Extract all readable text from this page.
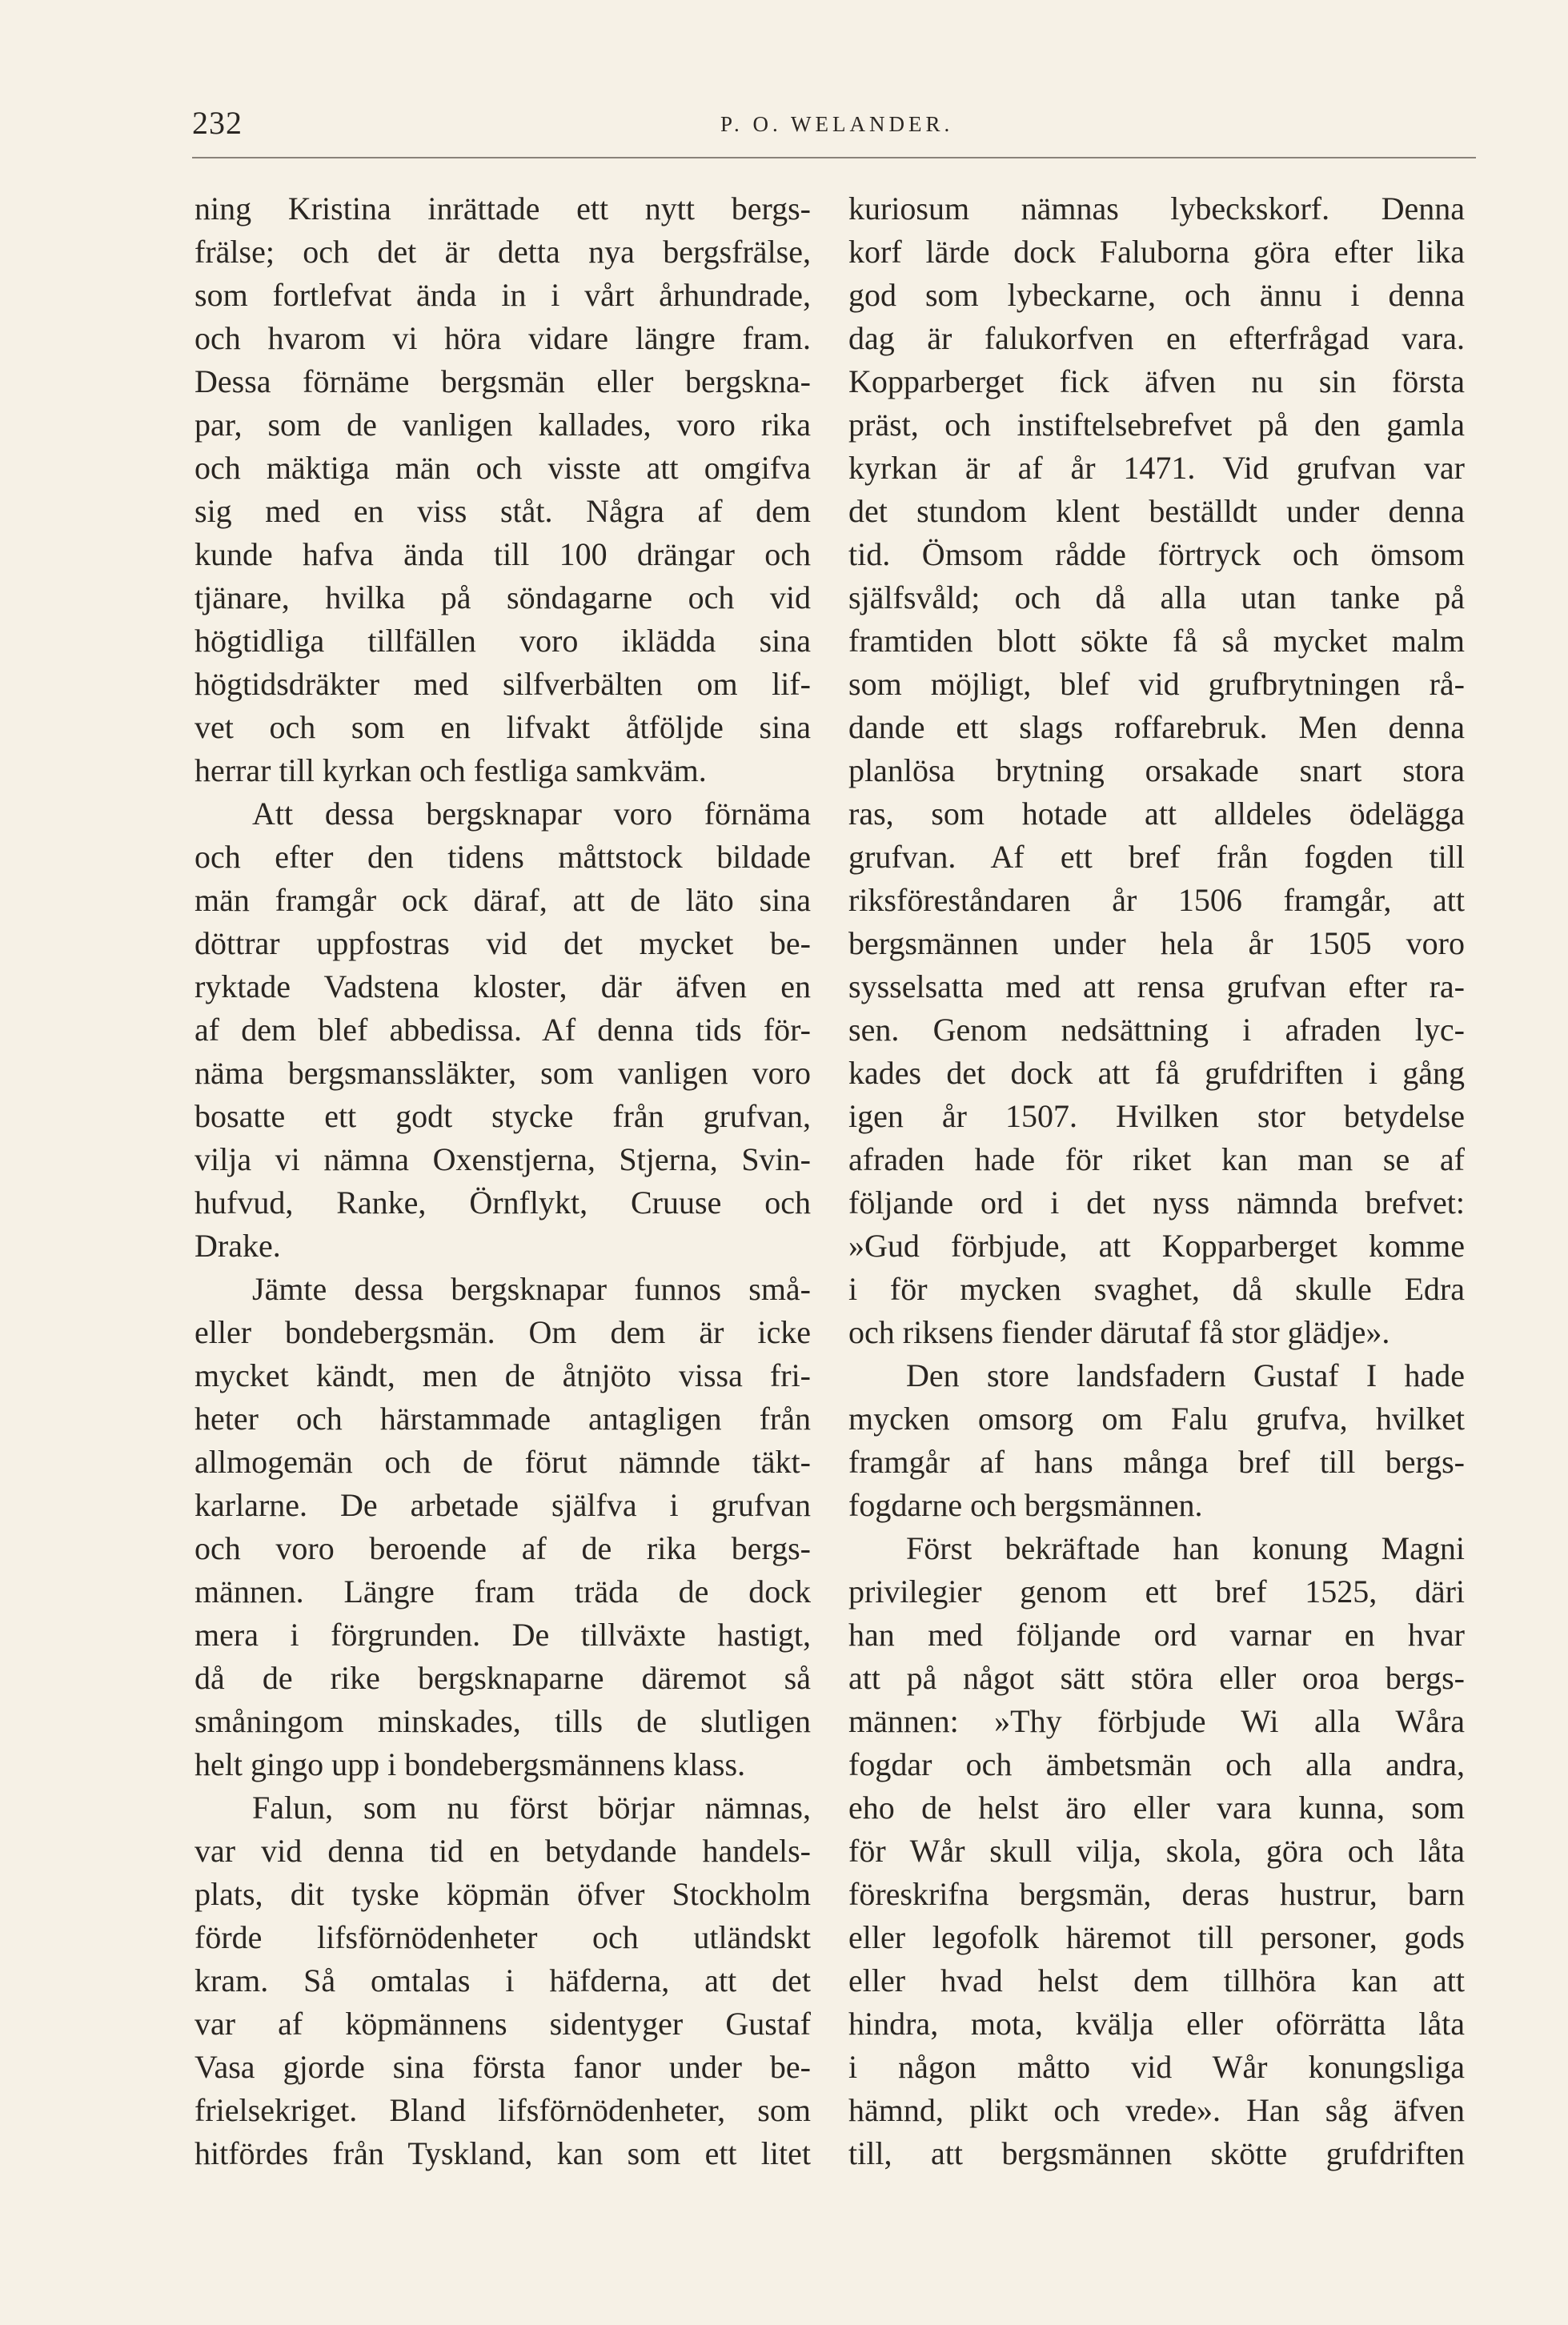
232	P. O. WELANDER.
ning Kristina inrättade ett nytt bergs-
frälse; och det är detta nya bergsfrälse,
som fortlefvat ända in i vårt århundrade,
och hvarom vi höra vidare längre fram.
Dessa förnäme bergsmän eller bergskna-
par, som de vanligen kallades, voro rika
och mäktiga män och visste att omgifva
sig med en viss ståt. Några af dem
kunde hafva ända till 100 drängar och
tjänare, hvilka på söndagarne och vid
högtidliga tillfällen voro iklädda sina
högtidsdräkter med silfverbälten om lif-
vet och som en lifvakt åtföljde sina
herrar till kyrkan och festliga samkväm.
Att dessa bergsknapar voro förnäma
och efter den tidens måttstock bildade
män framgår ock däraf, att de läto sina
döttrar uppfostras vid det mycket be-
ryktade Vadstena kloster, där äfven en
af dem blef abbedissa. Af denna tids för-
näma bergsmanssläkter, som vanligen voro
bosatte ett godt stycke från grufvan,
vilja vi nämna Oxenstjerna, Stjerna, Svin-
hufvud, Ranke, Örnflykt, Cruuse och
Drake.
Jämte dessa bergsknapar funnos små-
eller bondebergsmän. Om dem är icke
mycket kändt, men de åtnjöto vissa fri-
heter och härstammade antagligen från
allmogemän och de förut nämnde täkt-
karlarne. De arbetade själfva i grufvan
och voro beroende af de rika bergs-
männen. Längre fram träda de dock
mera i förgrunden. De tillväxte hastigt,
då de rike bergsknaparne däremot så
småningom minskades, tills de slutligen
helt gingo upp i bondebergsmännens klass.
Falun, som nu först börjar nämnas,
var vid denna tid en betydande handels-
plats, dit tyske köpmän öfver Stockholm
förde lifsförnödenheter och utländskt
kram. Så omtalas i häfderna, att det
var af köpmännens sidentyger Gustaf
Vasa gjorde sina första fanor under be-
frielsekriget. Bland lifsförnödenheter, som
hitfördes från Tyskland, kan som ett litet
kuriosum nämnas lybeckskorf. Denna
korf lärde dock Faluborna göra efter lika
god som lybeckarne, och ännu i denna
dag är falukorfven en efterfrågad vara.
Kopparberget fick äfven nu sin första
präst, och instiftelsebrefvet på den gamla
kyrkan är af år 1471. Vid grufvan var
det stundom klent beställdt under denna
tid. Ömsom rådde förtryck och ömsom
själfsvåld; och då alla utan tanke på
framtiden blott sökte få så mycket malm
som möjligt, blef vid grufbrytningen rå-
dande ett slags roffarebruk. Men denna
planlösa brytning orsakade snart stora
ras, som hotade att alldeles ödelägga
grufvan. Af ett bref från fogden till
riksföreståndaren år 1506 framgår, att
bergsmännen under hela år 1505 voro
sysselsatta med att rensa grufvan efter ra-
sen. Genom nedsättning i afraden lyc-
kades det dock att få grufdriften i gång
igen år 1507. Hvilken stor betydelse
afraden hade för riket kan man se af
följande ord i det nyss nämnda brefvet:
»Gud förbjude, att Kopparberget komme
i för mycken svaghet, då skulle Edra
och riksens fiender därutaf få stor glädje».
Den store landsfadern Gustaf I hade
mycken omsorg om Falu grufva, hvilket
framgår af hans många bref till bergs-
fogdarne och bergsmännen.
Först bekräftade han konung Magni
privilegier genom ett bref 1525, däri
han med följande ord varnar en hvar
att på något sätt störa eller oroa bergs-
männen: »Thy förbjude Wi alla Wåra
fogdar och ämbetsmän och alla andra,
eho de helst äro eller vara kunna, som
för Wår skull vilja, skola, göra och låta
föreskrifna bergsmän, deras hustrur, barn
eller legofolk häremot till personer, gods
eller hvad helst dem tillhöra kan att
hindra, mota, kvälja eller oförrätta låta
i någon måtto vid Wår konungsliga
hämnd, plikt och vrede». Han såg äfven
till, att bergsmännen skötte grufdriften
